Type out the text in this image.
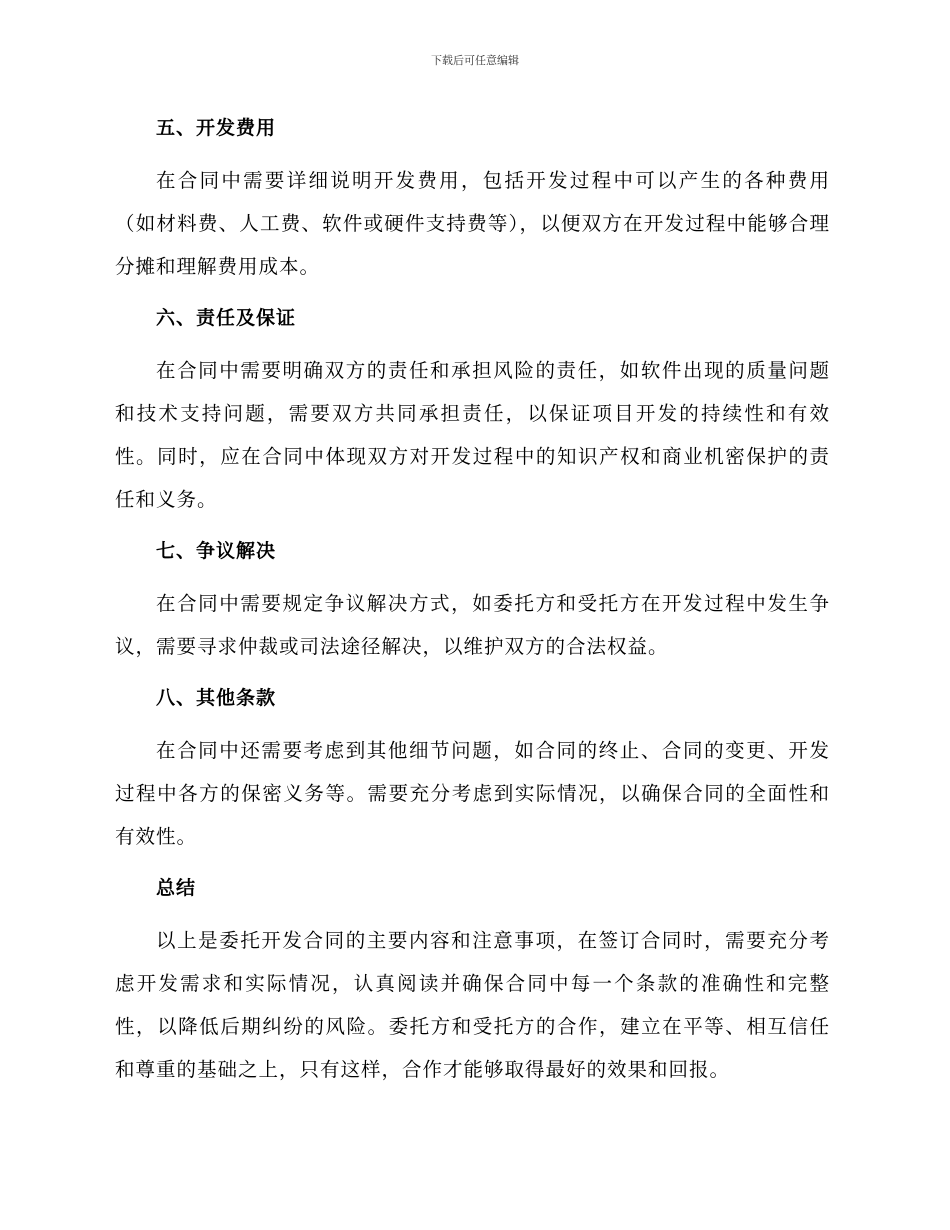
下载后可任意编辑
五、开发费用

在合同中需要详细说明开发费用，包括开发过程中可以产生的各种费用（如材料费、人工费、软件或硬件支持费等），以便双方在开发过程中能够合理分摊和理解费用成本。

六、责任及保证

在合同中需要明确双方的责任和承担风险的责任，如软件出现的质量问题和技术支持问题，需要双方共同承担责任，以保证项目开发的持续性和有效性。同时，应在合同中体现双方对开发过程中的知识产权和商业机密保护的责任和义务。

七、争议解决

在合同中需要规定争议解决方式，如委托方和受托方在开发过程中发生争议，需要寻求仲裁或司法途径解决，以维护双方的合法权益。

八、其他条款

在合同中还需要考虑到其他细节问题，如合同的终止、合同的变更、开发过程中各方的保密义务等。需要充分考虑到实际情况，以确保合同的全面性和有效性。

总结

以上是委托开发合同的主要内容和注意事项，在签订合同时，需要充分考虑开发需求和实际情况，认真阅读并确保合同中每一个条款的准确性和完整性，以降低后期纠纷的风险。委托方和受托方的合作，建立在平等、相互信任和尊重的基础之上，只有这样，合作才能够取得最好的效果和回报。
